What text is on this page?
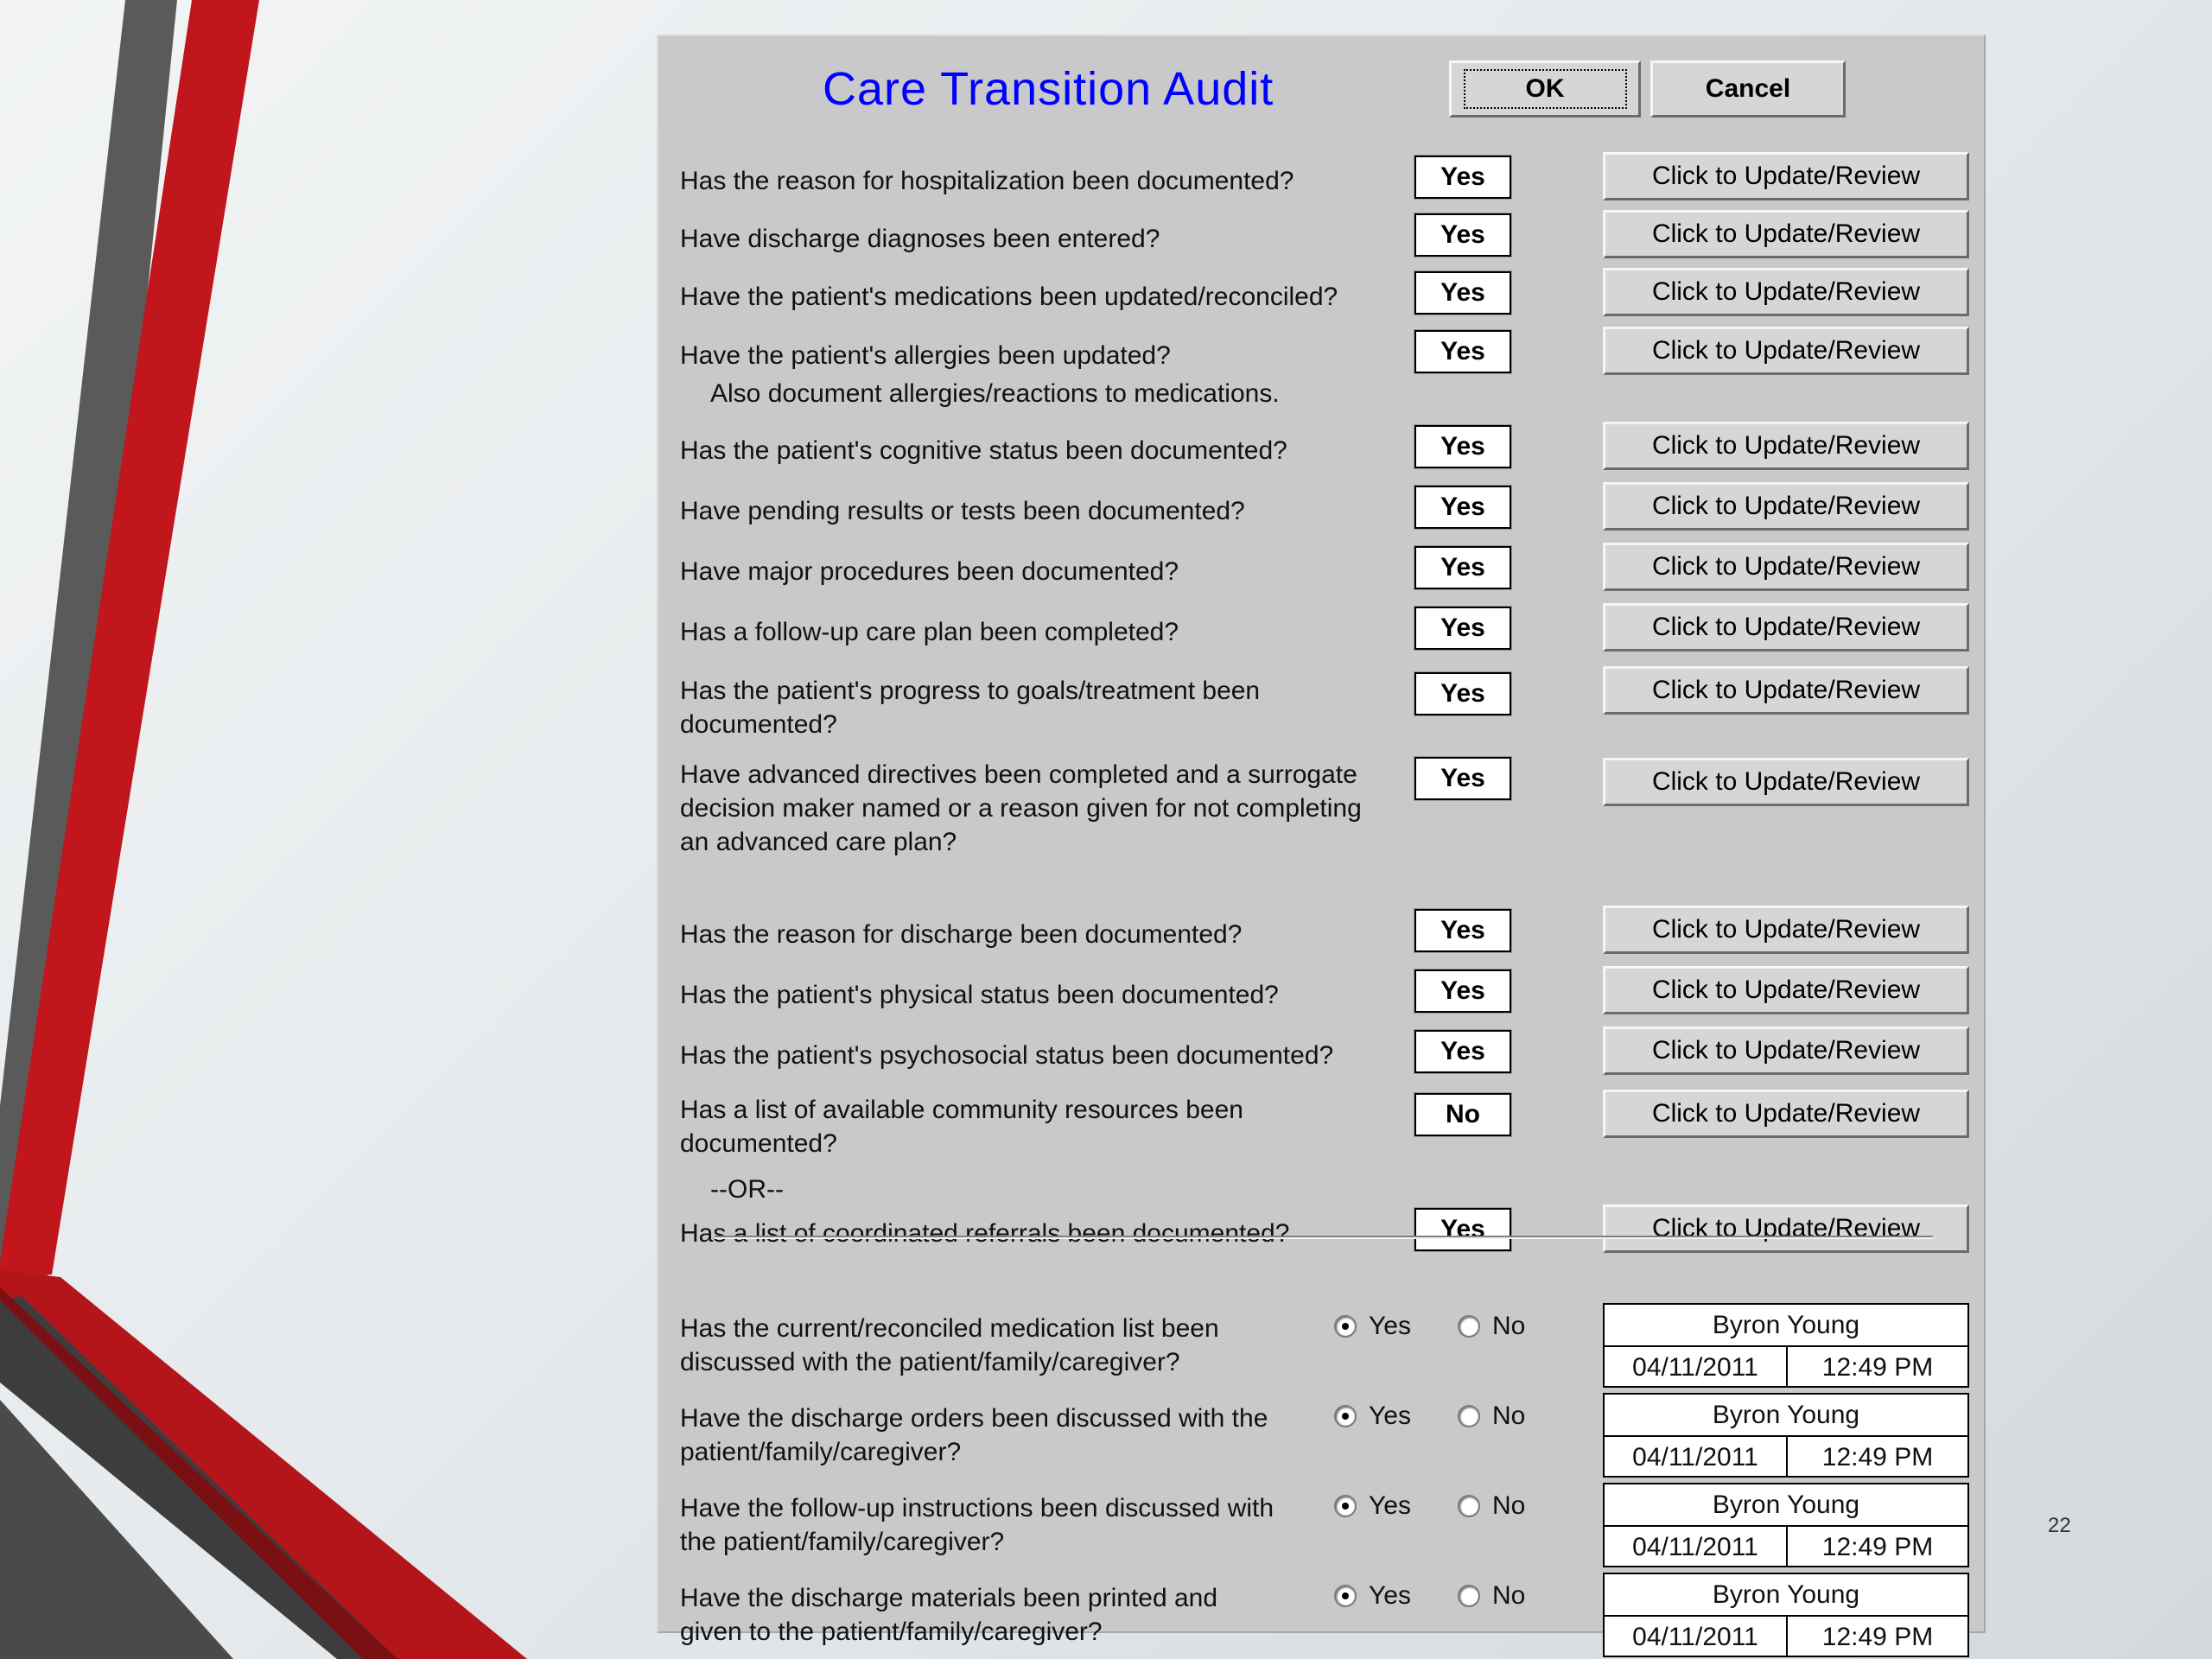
22
Care Transition Audit	OK	Cancel
Has the reason for hospitalization been documented?	Yes	Click to Update/Review
Have discharge diagnoses been entered?	Yes	Click to Update/Review
Have the patient's medications been updated/reconciled?	Yes	Click to Update/Review
Have the patient's allergies been updated?
Also document allergies/reactions to medications.
Yes	Click to Update/Review
Has the patient's cognitive status been documented?	Yes	Click to Update/Review
Have pending results or tests been documented?	Yes	Click to Update/Review
Have major procedures been documented?	Yes	Click to Update/Review
Has a follow-up care plan been completed?	Yes	Click to Update/Review
Has the patient's progress to goals/treatment been documented?
Yes	Click to Update/Review
Have advanced directives been completed and a surrogate decision maker named or a reason given for not completing an advanced care plan?
Yes	Click to Update/Review
Has the reason for discharge been documented?	Yes	Click to Update/Review
Has the patient's physical status been documented?	Yes	Click to Update/Review
Has the patient's psychosocial status been documented?	Yes	Click to Update/Review
Has a list of available community resources been documented?
No	Click to Update/Review
--OR--
Has a list of coordinated referrals been documented?	Yes	Click to Update/Review
Has the current/reconciled medication list been discussed with the patient/family/caregiver?
Yes	No	Byron Young
04/11/2011	12:49 PM
Have the discharge orders been discussed with the patient/family/caregiver?
Yes	No	Byron Young
04/11/2011	12:49 PM
Have the follow-up instructions been discussed with the patient/family/caregiver?
Yes	No	Byron Young
04/11/2011	12:49 PM
Have the discharge materials been printed and given to the patient/family/caregiver?
Yes	No	Byron Young
04/11/2011	12:49 PM
